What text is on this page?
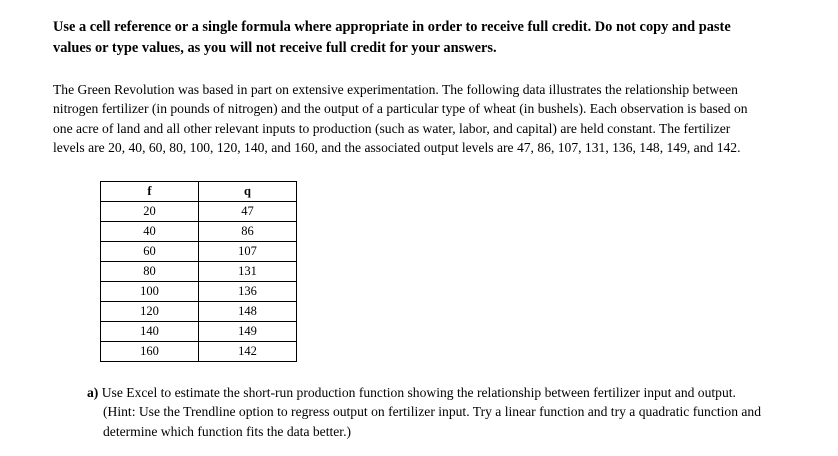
Use a cell reference or a single formula where appropriate in order to receive full credit. Do not copy and paste
values or type values, as you will not receive full credit for your answers.
The Green Revolution was based in part on extensive experimentation. The following data illustrates the relationship between
nitrogen fertilizer (in pounds of nitrogen) and the output of a particular type of wheat (in bushels). Each observation is based on
one acre of land and all other relevant inputs to production (such as water, labor, and capital) are held constant. The fertilizer
levels are 20, 40, 60, 80, 100, 120, 140, and 160, and the associated output levels are 47, 86, 107, 131, 136, 148, 149, and 142.
f	q
20	47
40	86
60	107
80	131
100	136
120	148
140	149
160	142
a) Use Excel to estimate the short-run production function showing the relationship between fertilizer input and output.
(Hint: Use the Trendline option to regress output on fertilizer input. Try a linear function and try a quadratic function and
determine which function fits the data better.)
